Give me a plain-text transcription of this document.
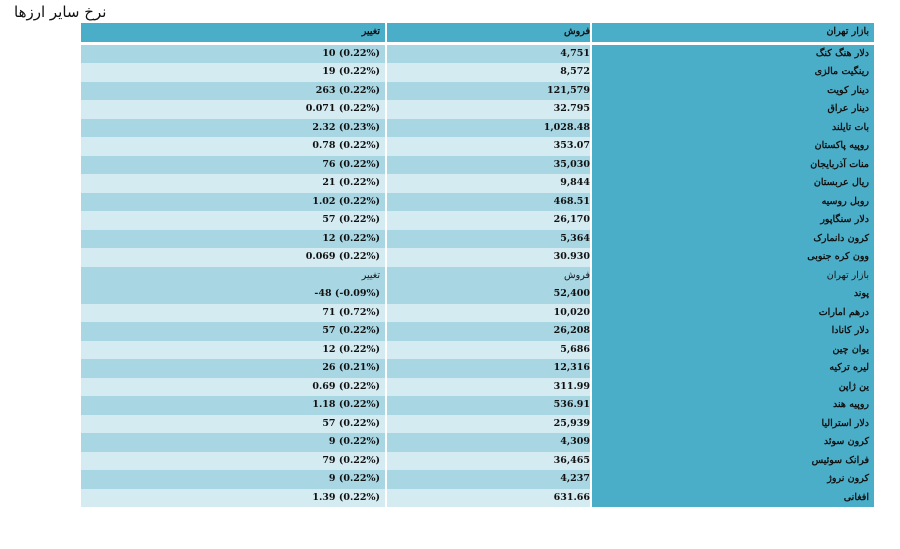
نرخ سایر ارزها
بازار تهران
فروش
تغییر
دلار هنگ کنگ
4,751
10 (0.22%)
رینگیت مالزی
8,572
19 (0.22%)
دینار کویت
121,579
263 (0.22%)
دینار عراق
32.795
0.071 (0.22%)
بات تایلند
1,028.48
2.32 (0.23%)
روپیه پاکستان
353.07
0.78 (0.22%)
منات آذربایجان
35,030
76 (0.22%)
ریال عربستان
9,844
21 (0.22%)
روبل روسیه
468.51
1.02 (0.22%)
دلار سنگاپور
26,170
57 (0.22%)
کرون دانمارک
5,364
12 (0.22%)
وون کره جنوبی
30.930
0.069 (0.22%)
بازار تهران
فروش
تغییر
پوند
52,400
-48 (-0.09%)
درهم امارات
10,020
71 (0.72%)
دلار کانادا
26,208
57 (0.22%)
یوان چین
5,686
12 (0.22%)
لیره ترکیه
12,316
26 (0.21%)
ین ژاپن
311.99
0.69 (0.22%)
روپیه هند
536.91
1.18 (0.22%)
دلار استرالیا
25,939
57 (0.22%)
کرون سوئد
4,309
9 (0.22%)
فرانک سوئیس
36,465
79 (0.22%)
کرون نروژ
4,237
9 (0.22%)
افغانی
631.66
1.39 (0.22%)
